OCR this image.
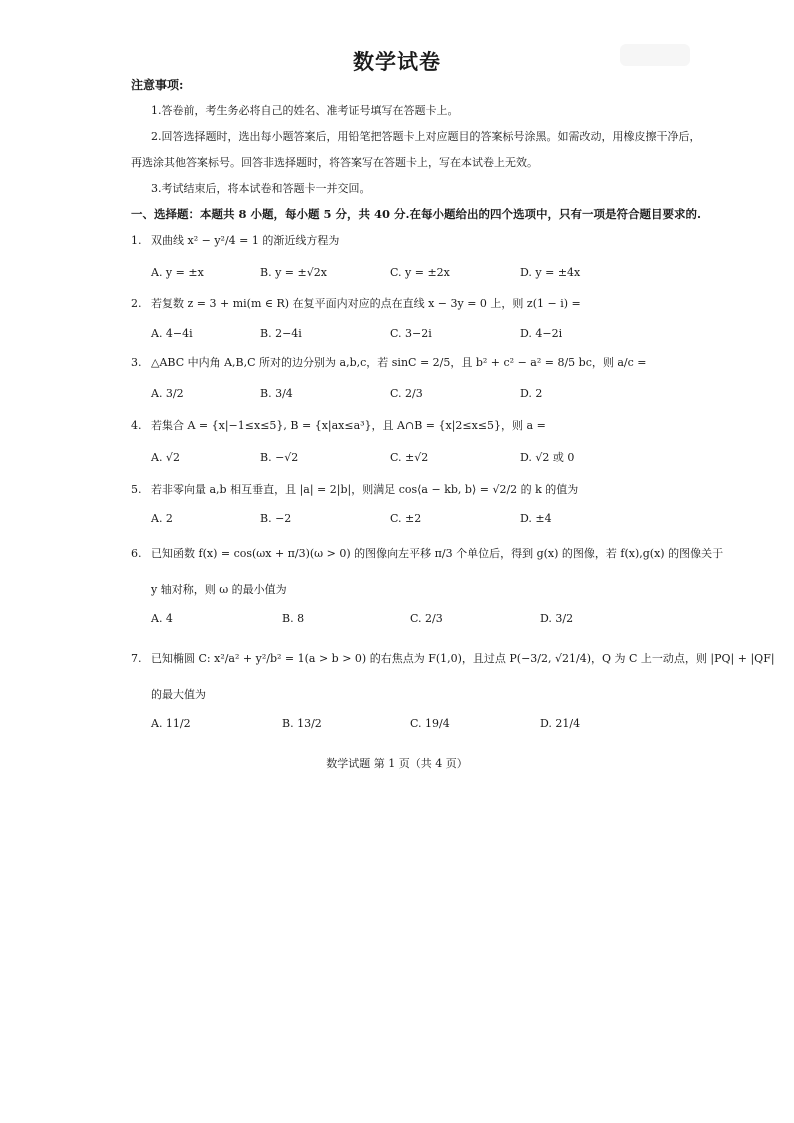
数学试卷
注意事项:
1.答卷前，考生务必将自己的姓名、准考证号填写在答题卡上。
2.回答选择题时，选出每小题答案后，用铅笔把答题卡上对应题目的答案标号涂黑。如需改动，用橡皮擦干净后，
再选涂其他答案标号。回答非选择题时，将答案写在答题卡上，写在本试卷上无效。
3.考试结束后，将本试卷和答题卡一并交回。
一、选择题：本题共 8 小题，每小题 5 分，共 40 分.在每小题给出的四个选项中，只有一项是符合题目要求的.
1. 双曲线 x² − y²/4 = 1 的渐近线方程为
A. y = ±x	B. y = ±√2x	C. y = ±2x	D. y = ±4x
2. 若复数 z = 3 + mi(m ∈ R) 在复平面内对应的点在直线 x − 3y = 0 上，则 z(1 − i) =
A. 4−4i	B. 2−4i	C. 3−2i	D. 4−2i
3. △ABC 中内角 A,B,C 所对的边分别为 a,b,c，若 sinC = 2/5，且 b² + c² − a² = 8/5 bc，则 a/c =
A. 3/2	B. 3/4	C. 2/3	D. 2
4. 若集合 A = {x|−1≤x≤5}, B = {x|ax≤a³}，且 A∩B = {x|2≤x≤5}，则 a =
A. √2	B. −√2	C. ±√2	D. √2 或 0
5. 若非零向量 a,b 相互垂直，且 |a| = 2|b|，则满足 cos⟨a − kb, b⟩ = √2/2 的 k 的值为
A. 2	B. −2	C. ±2	D. ±4
6. 已知函数 f(x) = cos(ωx + π/3)(ω > 0) 的图像向左平移 π/3 个单位后，得到 g(x) 的图像，若 f(x),g(x) 的图像关于
y 轴对称，则 ω 的最小值为
A. 4	B. 8	C. 2/3	D. 3/2
7. 已知椭圆 C: x²/a² + y²/b² = 1(a > b > 0) 的右焦点为 F(1,0)，且过点 P(−3/2, √21/4)，Q 为 C 上一动点，则 |PQ| + |QF|
的最大值为
A. 11/2	B. 13/2	C. 19/4	D. 21/4
数学试题 第 1 页（共 4 页）
